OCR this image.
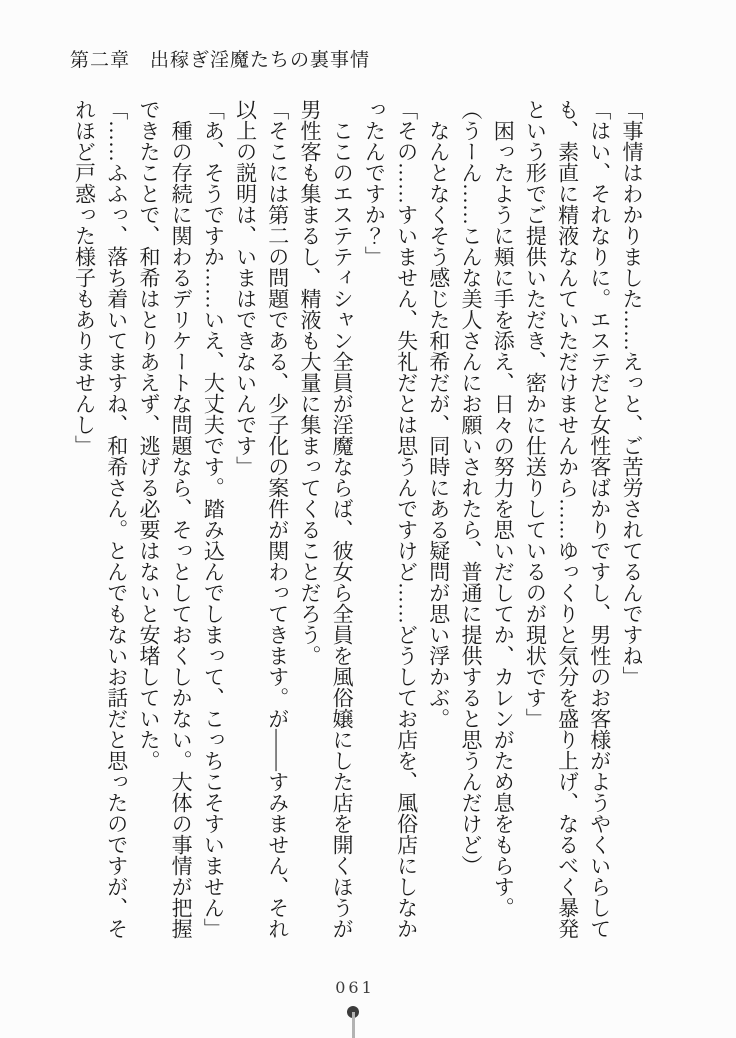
第二章　出稼ぎ淫魔たちの裏事情

「事情はわかりました……えっと、ご苦労されてるんですね」

「はい、それなりに。エステだと女性客ばかりですし、男性のお客様がようやくいらしても、素直に精液なんていただけませんから……ゆっくりと気分を盛り上げ、なるべく暴発という形でご提供いただき、密かに仕送りしているのが現状です」

困ったように頬に手を添え、日々の努力を思いだしてか、カレンがため息をもらす。

（うーん……こんな美人さんにお願いされたら、普通に提供すると思うんだけど）

なんとなくそう感じた和希だが、同時にある疑問が思い浮かぶ。

「その……すいません、失礼だとは思うんですけど……どうしてお店を、風俗店にしなかったんですか？」

ここのエステティシャン全員が淫魔ならば、彼女ら全員を風俗嬢にした店を開くほうが男性客も集まるし、精液も大量に集まってくることだろう。

「そこには第二の問題である、少子化の案件が関わってきます。が――すみません、それ以上の説明は、いまはできないんです」

「あ、そうですか……いえ、大丈夫です。踏み込んでしまって、こっちこそすいません」

種の存続に関わるデリケートな問題なら、そっとしておくしかない。大体の事情が把握できたことで、和希はとりあえず、逃げる必要はないと安堵していた。

「……ふふっ、落ち着いてますね、和希さん。とんでもないお話だと思ったのですが、それほど戸惑った様子もありませんし」

061
